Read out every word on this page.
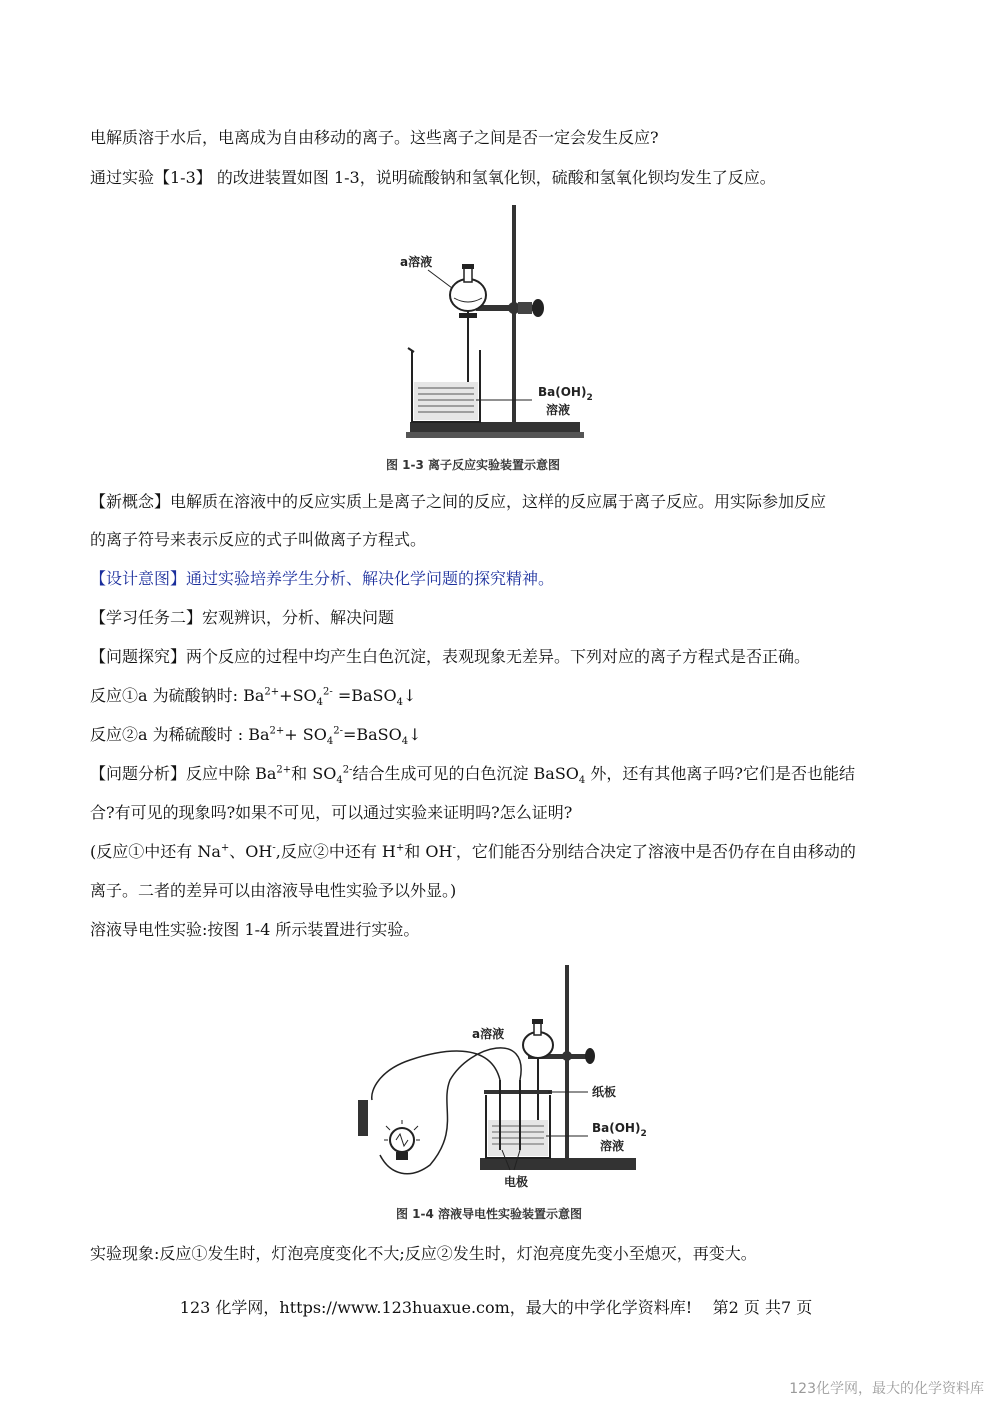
电解质溶于水后，电离成为自由移动的离子。这些离子之间是否一定会发生反应?
通过实验【1-3】 的改进装置如图 1-3，说明硫酸钠和氢氧化钡，硫酸和氢氧化钡均发生了反应。
a溶液
$Ba(OH)_2$
溶液
图 1-3 离子反应实验装置示意图
【新概念】电解质在溶液中的反应实质上是离子之间的反应，这样的反应属于离子反应。用实际参加反应
的离子符号来表示反应的式子叫做离子方程式。
【设计意图】通过实验培养学生分析、解决化学问题的探究精神。
【学习任务二】宏观辨识，分析、解决问题
【问题探究】两个反应的过程中均产生白色沉淀，表观现象无差异。下列对应的离子方程式是否正确。
反应①a 为硫酸钠时: $Ba^{2+}+SO_4^{2-}$ =BaSO$_4$↓
反应②a 为稀硫酸时 : $Ba^{2+}+$ $SO_4^{2-}=BaSO_4↓$
【问题分析】反应中除 $Ba^{2+}$和 $SO_4^{2-}$结合生成可见的白色沉淀 BaSO$_4$ 外，还有其他离子吗?它们是否也能结
合?有可见的现象吗?如果不可见，可以通过实验来证明吗?怎么证明?
(反应①中还有 Na+、OH-,反应②中还有 H+和 OH-，它们能否分别结合决定了溶液中是否仍存在自由移动的
离子。二者的差异可以由溶液导电性实验予以外显。)
溶液导电性实验:按图 1-4 所示装置进行实验。
a溶液
纸板
$Ba(OH)_2$
溶液
电极
图 1-4 溶液导电性实验装置示意图
实验现象:反应①发生时，灯泡亮度变化不大;反应②发生时，灯泡亮度先变小至熄灭，再变大。
123 化学网，https://www.123huaxue.com，最大的中学化学资料库! 第2 页 共7 页
123化学网，最大的化学资料库
